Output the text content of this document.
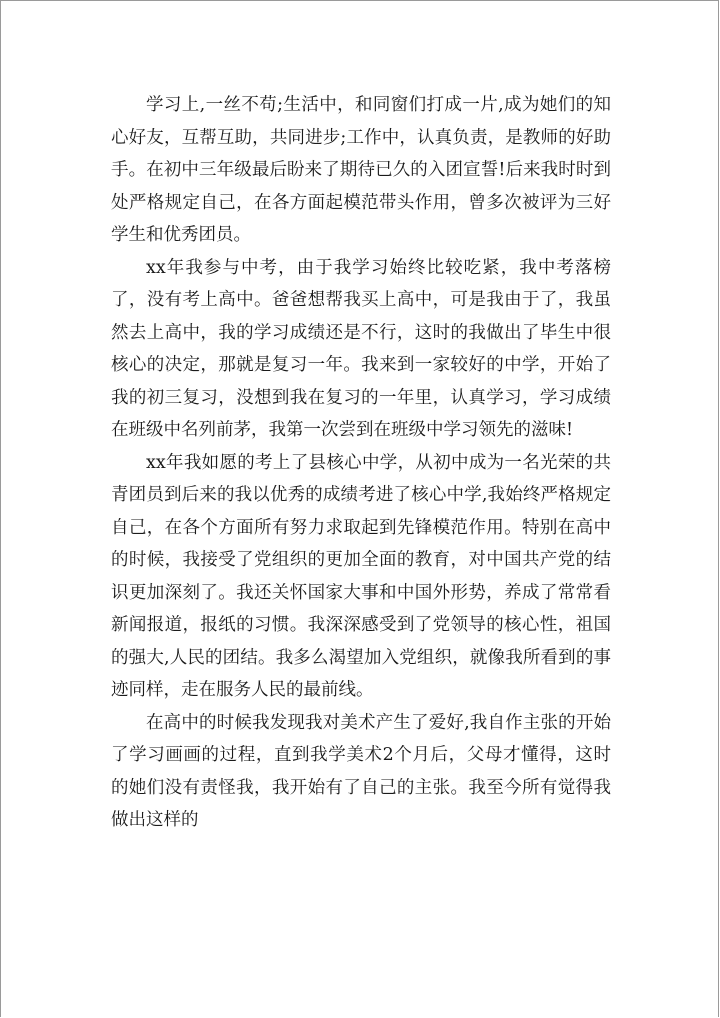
学习上,一丝不苟;生活中，和同窗们打成一片,成为她们的知心好友，互帮互助，共同进步;工作中，认真负责，是教师的好助手。在初中三年级最后盼来了期待已久的入团宣誓!后来我时时到处严格规定自己，在各方面起模范带头作用，曾多次被评为三好学生和优秀团员。

xx年我参与中考，由于我学习始终比较吃紧，我中考落榜了，没有考上高中。爸爸想帮我买上高中，可是我由于了，我虽然去上高中，我的学习成绩还是不行，这时的我做出了毕生中很核心的决定，那就是复习一年。我来到一家较好的中学，开始了我的初三复习，没想到我在复习的一年里，认真学习，学习成绩在班级中名列前茅，我第一次尝到在班级中学习领先的滋味!

xx年我如愿的考上了县核心中学，从初中成为一名光荣的共青团员到后来的我以优秀的成绩考进了核心中学,我始终严格规定自己，在各个方面所有努力求取起到先锋模范作用。特别在高中的时候，我接受了党组织的更加全面的教育，对中国共产党的结识更加深刻了。我还关怀国家大事和中国外形势，养成了常常看新闻报道，报纸的习惯。我深深感受到了党领导的核心性，祖国的强大,人民的团结。我多么渴望加入党组织，就像我所看到的事迹同样，走在服务人民的最前线。

在高中的时候我发现我对美术产生了爱好,我自作主张的开始了学习画画的过程，直到我学美术2个月后，父母才懂得，这时的她们没有责怪我，我开始有了自己的主张。我至今所有觉得我做出这样的
